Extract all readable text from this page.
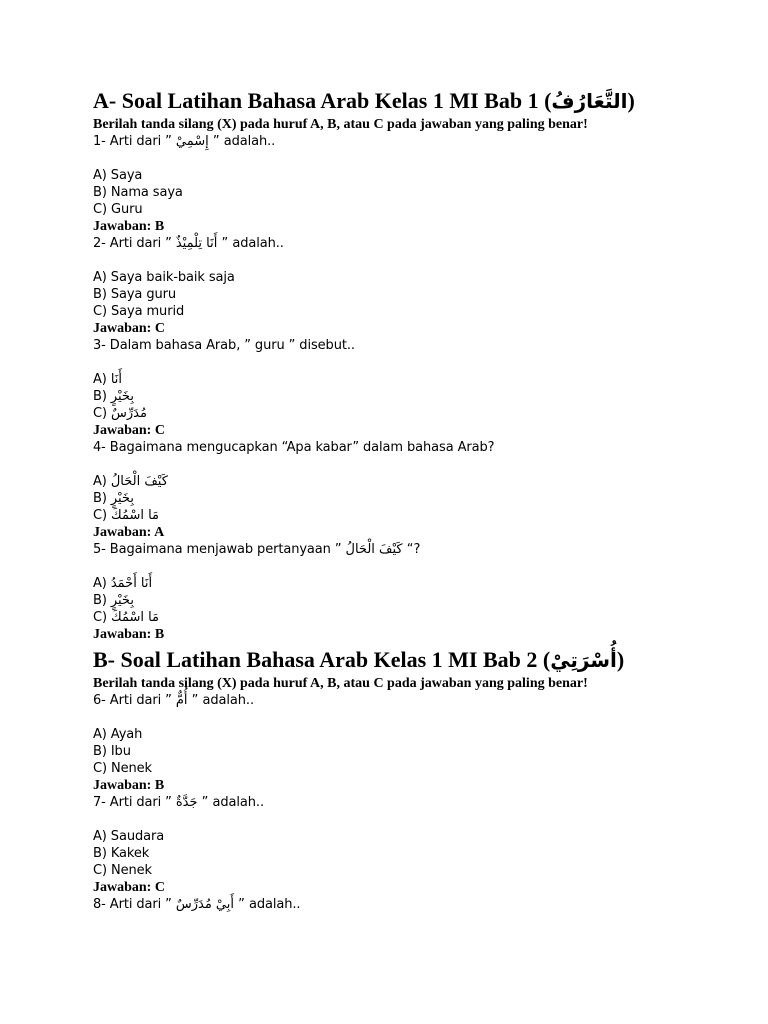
A- Soal Latihan Bahasa Arab Kelas 1 MI Bab 1 (التَّعَارُفُ)

Berilah tanda silang (X) pada huruf A, B, atau C pada jawaban yang paling benar!

1- Arti dari ” إِسْمِيْ ” adalah..

A) Saya

B) Nama saya

C) Guru

Jawaban: B

2- Arti dari ” أَنَا تِلْمِيْذٌ ” adalah..

A) Saya baik-baik saja

B) Saya guru

C) Saya murid

Jawaban: C

3- Dalam bahasa Arab, ” guru ” disebut..

A) أَنَا

B) بِخَيْرٍ

C) مُدَرِّسٌ

Jawaban: C

4- Bagaimana mengucapkan “Apa kabar” dalam bahasa Arab?

A) كَيْفَ الْحَالُ

B) بِخَيْرٍ

C) مَا اسْمُكَ

Jawaban: A

5- Bagaimana menjawab pertanyaan ” كَيْفَ الْحَالُ “?

A) أَنَا أَحْمَدُ

B) بِخَيْرٍ

C) مَا اسْمُكَ

Jawaban: B

B- Soal Latihan Bahasa Arab Kelas 1 MI Bab 2 (أُسْرَتِيْ)

Berilah tanda silang (X) pada huruf A, B, atau C pada jawaban yang paling benar!

6- Arti dari ” أُمٌّ ” adalah..

A) Ayah

B) Ibu

C) Nenek

Jawaban: B

7- Arti dari ” جَدَّةٌ ” adalah..

A) Saudara

B) Kakek

C) Nenek

Jawaban: C

8- Arti dari ” أَبِيْ مُدَرِّسٌ ” adalah..
